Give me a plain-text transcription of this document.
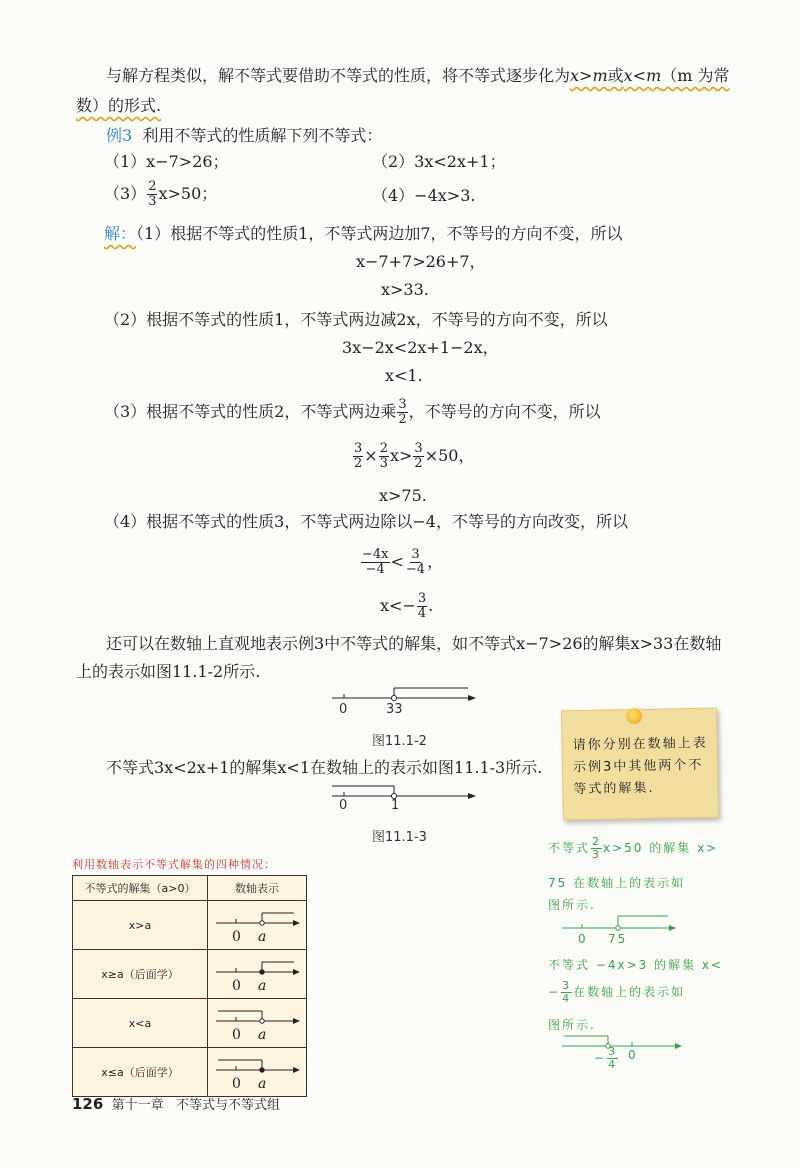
与解方程类似，解不等式要借助不等式的性质，将不等式逐步化为x>m或x<m（m 为常
数）的形式.
例3 利用不等式的性质解下列不等式：
（1）x−7>26；	（2）3x<2x+1；
$(3) \frac{2}{3} x>50$；	（4）−4x>3.
解：（1）根据不等式的性质1，不等式两边加7，不等号的方向不变，所以
x−7+7>26+7，
x>33.
（2）根据不等式的性质1，不等式两边减2x，不等号的方向不变，所以
3x−2x<2x+1−2x，
x<1.
（3）根据不等式的性质2，不等式两边乘 $\frac{3}{2}$ ，不等号的方向不变，所以
$\frac{3}{2} \times \frac{2}{3} x> \frac{3}{2} \times 50$，
x>75.
（4）根据不等式的性质3，不等式两边除以−4，不等号的方向改变，所以
$\frac{-4x}{-4} < \frac{3}{-4}$ ，
$x<- \frac{3}{4}$ .
还可以在数轴上直观地表示例3中不等式的解集，如不等式x−7>26的解集x>33在数轴
上的表示如图11.1-2所示.
0	33
图11.1-2
不等式3x<2x+1的解集x<1在数轴上的表示如图11.1-3所示.
0	1
图11.1-3
请你分别在数轴上表示例3中其他两个不等式的解集.
利用数轴表示不等式解集的四种情况：
不等式的解集（a>0）	数轴表示
x>a	0 a

x≥a（后面学）	0 a

x<a	0 a

x≤a（后面学）	0 a
不等式 $\frac{2}{3} x>50$ 的解集 x>
75 在数轴上的表示如
图所示.
0 75
不等式 −4x>3 的解集 x<
− $\frac{3}{4}$ 在数轴上的表示如
图所示.
− $\frac{3}{4} 0$
126 第十一章 不等式与不等式组
